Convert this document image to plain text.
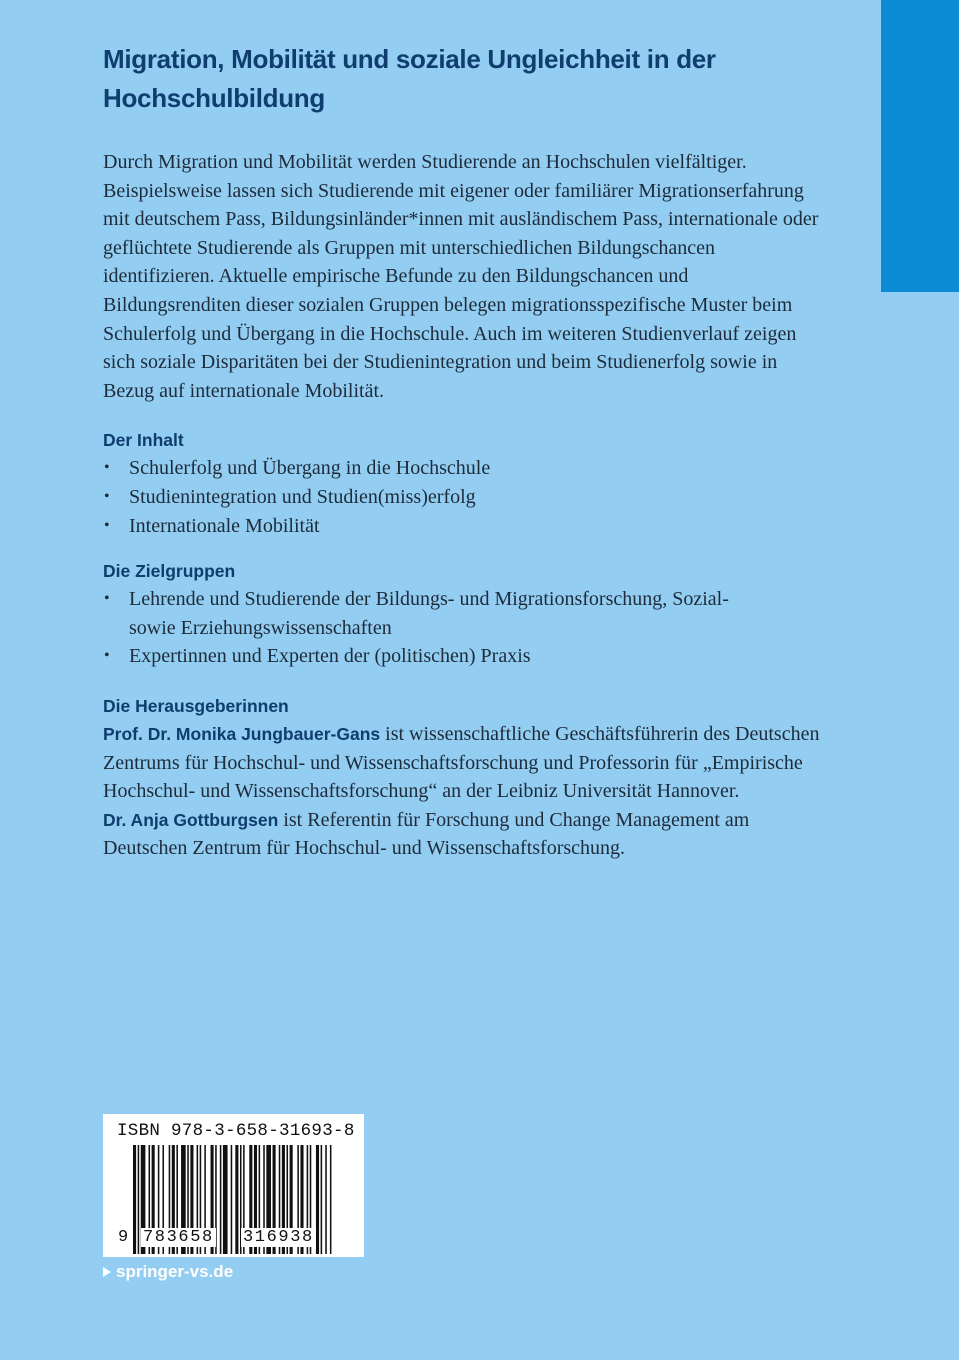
Migration, Mobilität und soziale Ungleichheit in der Hochschulbildung

Durch Migration und Mobilität werden Studierende an Hochschulen vielfältiger. Beispielsweise lassen sich Studierende mit eigener oder familiärer Migrationserfahrung mit deutschem Pass, Bildungsinländer*innen mit ausländischem Pass, internationale oder geflüchtete Studierende als Gruppen mit unterschiedlichen Bildungschancen identifizieren. Aktuelle empirische Befunde zu den Bildungschancen und Bildungsrenditen dieser sozialen Gruppen belegen migrationsspezifische Muster beim Schulerfolg und Übergang in die Hochschule. Auch im weiteren Studienverlauf zeigen sich soziale Disparitäten bei der Studienintegration und beim Studienerfolg sowie in Bezug auf internationale Mobilität.

Der Inhalt
• Schulerfolg und Übergang in die Hochschule
• Studienintegration und Studien(miss)erfolg
• Internationale Mobilität
Die Zielgruppen
• Lehrende und Studierende der Bildungs- und Migrationsforschung, Sozial- sowie Erziehungswissenschaften
• Expertinnen und Experten der (politischen) Praxis
Die Herausgeberinnen

Prof. Dr. Monika Jungbauer-Gans ist wissenschaftliche Geschäftsführerin des Deutschen Zentrums für Hochschul- und Wissenschaftsforschung und Professorin für „Empirische Hochschul- und Wissenschaftsforschung“ an der Leibniz Universität Hannover.

Dr. Anja Gottburgsen ist Referentin für Forschung und Change Management am Deutschen Zentrum für Hochschul- und Wissenschaftsforschung.

ISBN 978-3-658-31693-8
9 783658 316938
springer-vs.de
